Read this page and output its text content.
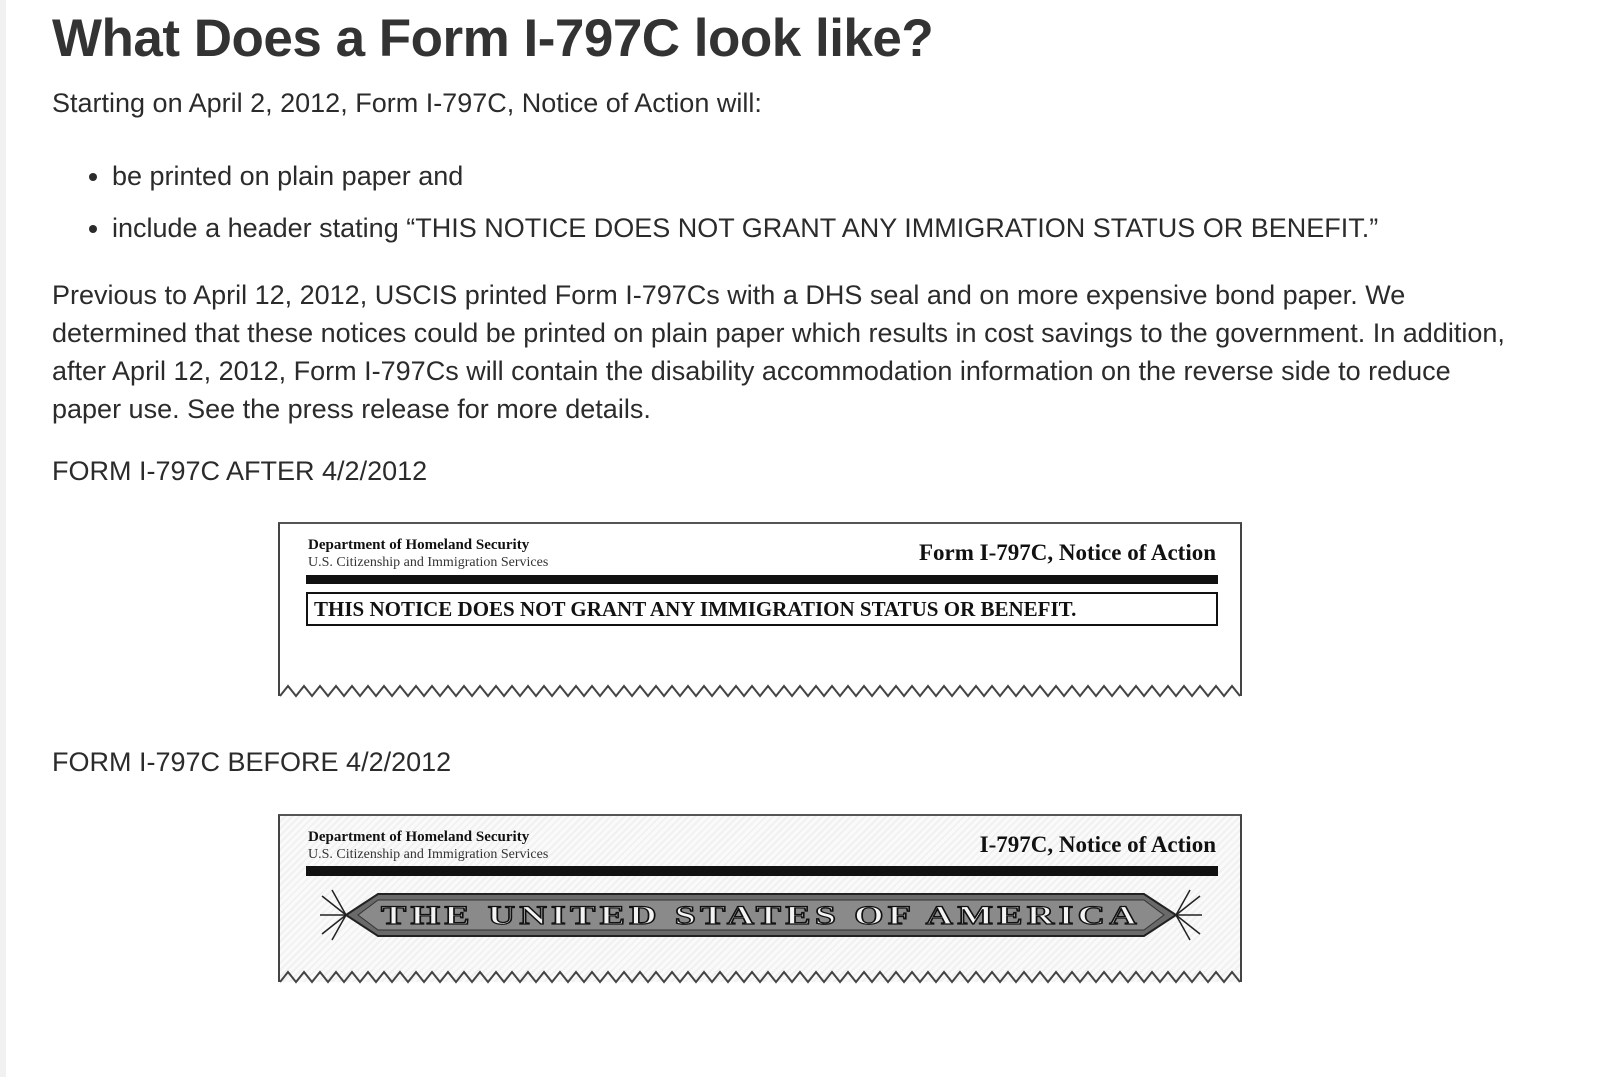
What Does a Form I-797C look like?

Starting on April 2, 2012, Form I-797C, Notice of Action will:

• be printed on plain paper and
• include a header stating “THIS NOTICE DOES NOT GRANT ANY IMMIGRATION STATUS OR BENEFIT.”

Previous to April 12, 2012, USCIS printed Form I-797Cs with a DHS seal and on more expensive bond paper. We determined that these notices could be printed on plain paper which results in cost savings to the government. In addition, after April 12, 2012, Form I-797Cs will contain the disability accommodation information on the reverse side to reduce paper use. See the press release for more details.

FORM I-797C AFTER 4/2/2012

Department of Homeland Security
U.S. Citizenship and Immigration Services	Form I-797C, Notice of Action
THIS NOTICE DOES NOT GRANT ANY IMMIGRATION STATUS OR BENEFIT.

FORM I-797C BEFORE 4/2/2012

Department of Homeland Security
U.S. Citizenship and Immigration Services	I-797C, Notice of Action
THE UNITED STATES OF AMERICA
